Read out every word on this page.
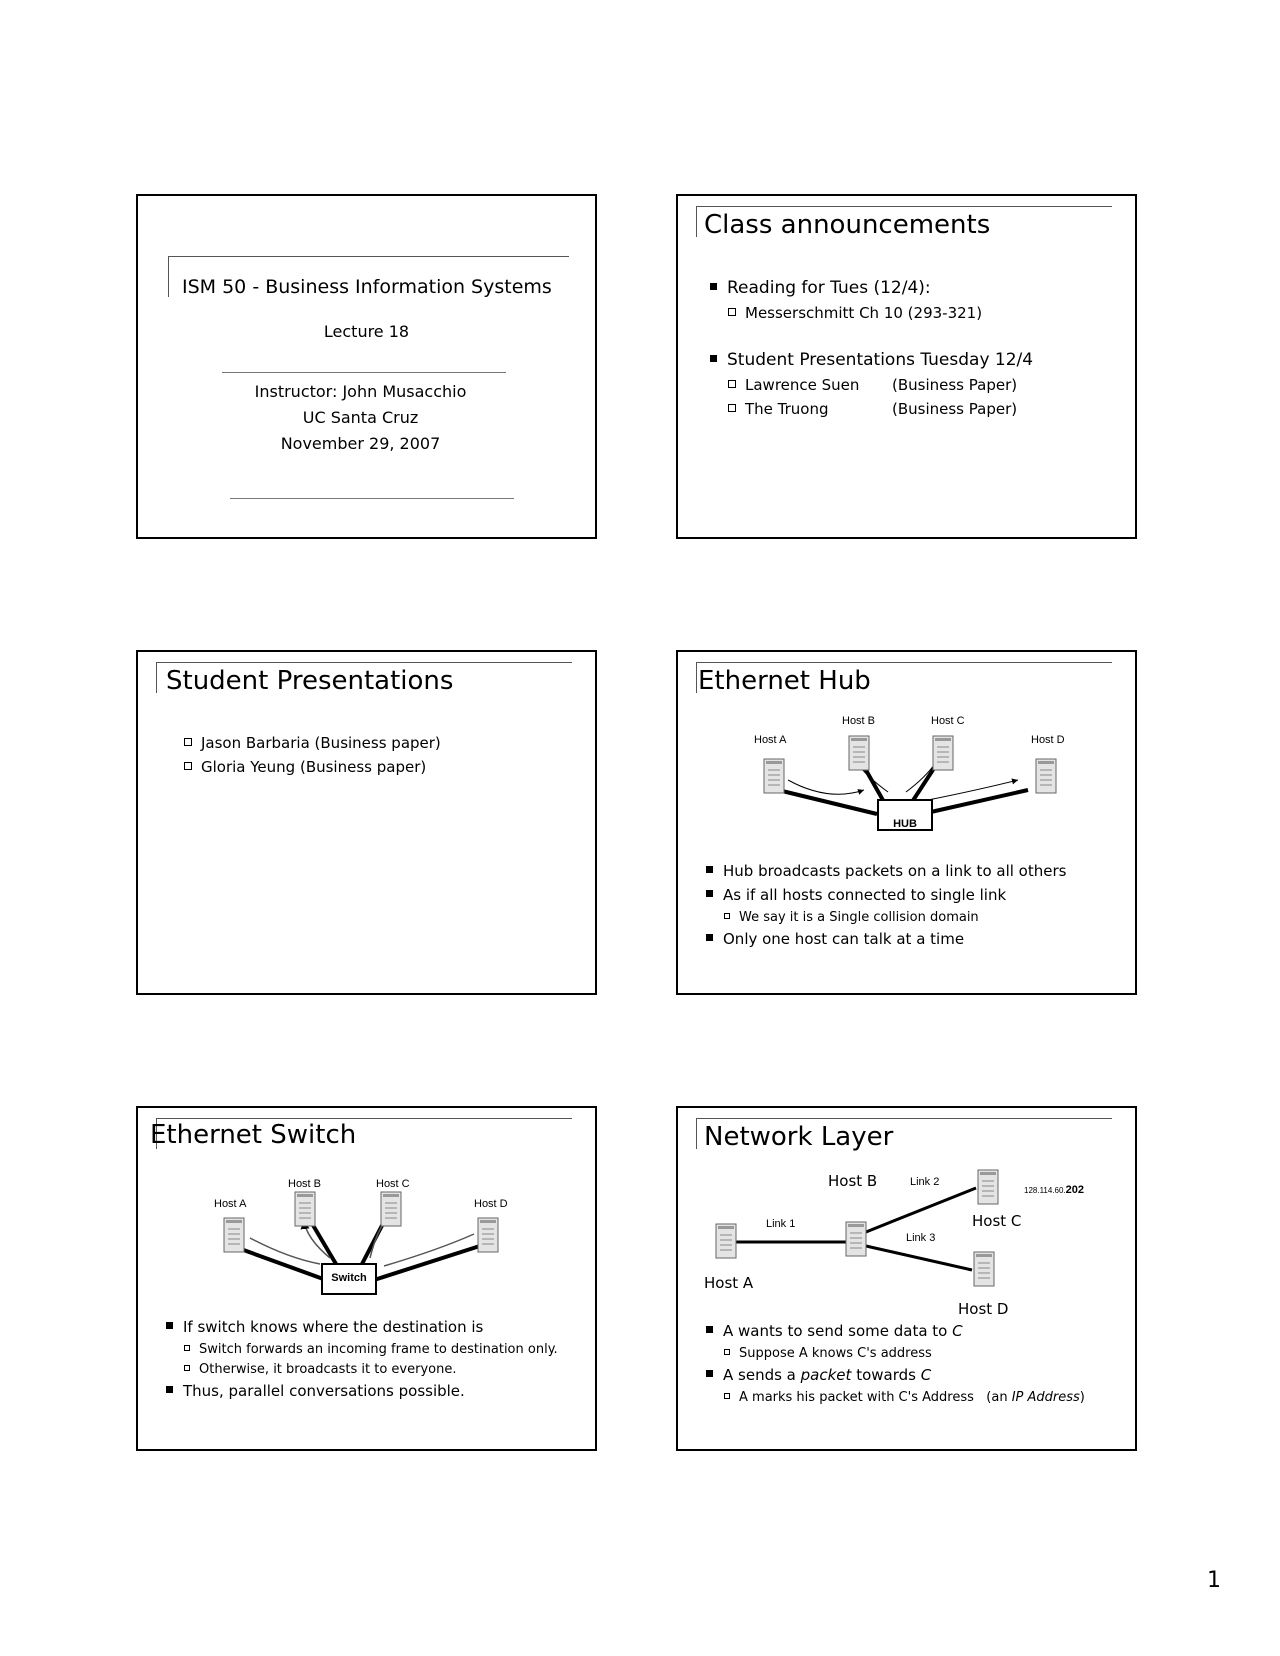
ISM 50 - Business Information Systems
Lecture 18
Instructor: John Musacchio
UC Santa Cruz
November 29, 2007
Class announcements
Reading for Tues (12/4):
Messerschmitt Ch 10 (293-321)
Student Presentations Tuesday 12/4
Lawrence Suen (Business Paper)
The Truong	(Business Paper)
Student Presentations
Jason Barbaria (Business paper)
Gloria Yeung (Business paper)
Ethernet Hub
Host A
Host B	Host C
Host D
HUB
Hub broadcasts packets on a link to all others
As if all hosts connected to single link
We say it is a Single collision domain
Only one host can talk at a time
Ethernet Switch
Host A
Host B	Host C
Host D
Switch
If switch knows where the destination is
Switch forwards an incoming frame to destination only.
Otherwise, it broadcasts it to everyone.
Thus, parallel conversations possible.
Network Layer
Host B	Link 2
128.114.60.202
Host C
Link 1
Link 3
Host A
Host D
A wants to send some data to C
Suppose A knows C's address
A sends a packet towards C
A marks his packet with C's Address   (an IP Address)
1
